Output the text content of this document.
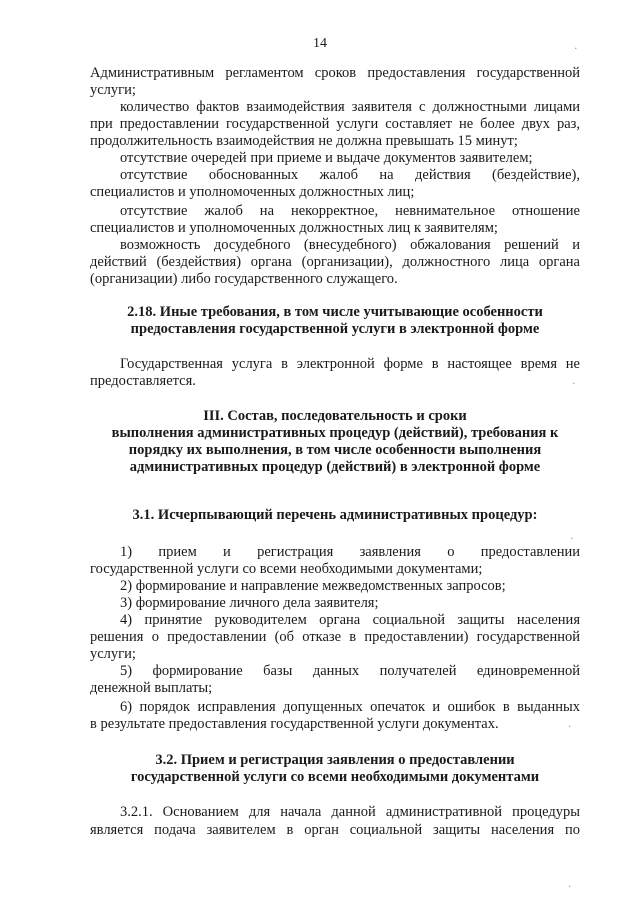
14
Административным регламентом сроков предоставления государственной
услуги;
количество фактов взаимодействия заявителя с должностными лицами
при предоставлении государственной услуги составляет не более двух раз,
продолжительность взаимодействия не должна превышать 15 минут;
отсутствие очередей при приеме и выдаче документов заявителем;
отсутствие обоснованных жалоб на действия (бездействие),
специалистов и уполномоченных должностных лиц;
отсутствие жалоб на некорректное, невнимательное отношение
специалистов и уполномоченных должностных лиц к заявителям;
возможность досудебного (внесудебного) обжалования решений и
действий (бездействия) органа (организации), должностного лица органа
(организации) либо государственного служащего.
2.18. Иные требования, в том числе учитывающие особенности
предоставления государственной услуги в электронной форме
Государственная услуга в электронной форме в настоящее время не
предоставляется.
III. Состав, последовательность и сроки
выполнения административных процедур (действий), требования к
порядку их выполнения, в том числе особенности выполнения
административных процедур (действий) в электронной форме
3.1. Исчерпывающий перечень административных процедур:
1) прием и регистрация заявления о предоставлении
государственной услуги со всеми необходимыми документами;
2) формирование и направление межведомственных запросов;
3) формирование личного дела заявителя;
4) принятие руководителем органа социальной защиты населения
решения о предоставлении (об отказе в предоставлении) государственной
услуги;
5) формирование базы данных получателей единовременной
денежной выплаты;
6) порядок исправления допущенных опечаток и ошибок в выданных
в результате предоставления государственной услуги документах.
3.2. Прием и регистрация заявления о предоставлении
государственной услуги со всеми необходимыми документами
3.2.1. Основанием для начала данной административной процедуры
является подача заявителем в орган социальной защиты населения по
·
·
·
·
·
